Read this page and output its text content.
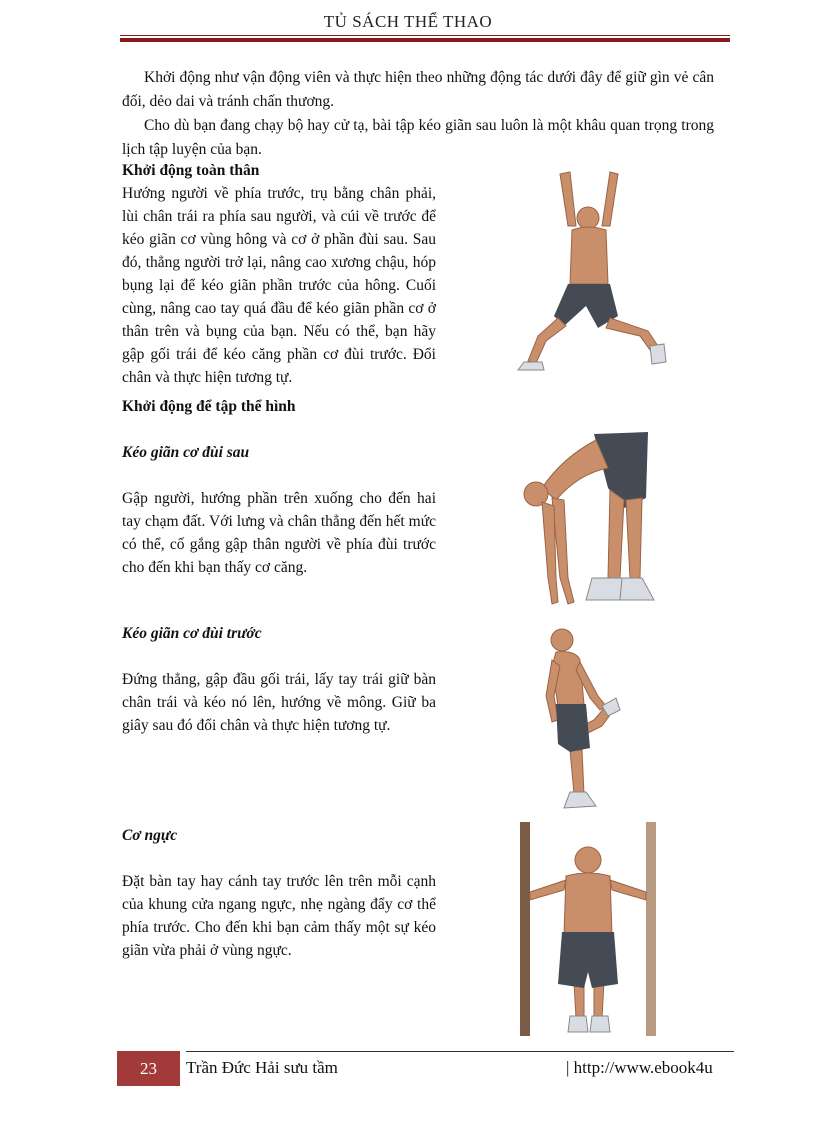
TỦ SÁCH THỂ THAO

Khởi động như vận động viên và thực hiện theo những động tác dưới đây để giữ gìn vẻ cân đối, dẻo dai và tránh chấn thương.

Cho dù bạn đang chạy bộ hay cử tạ, bài tập kéo giãn sau luôn là một khâu quan trọng trong lịch tập luyện của bạn.

Khởi động toàn thân

Hướng người về phía trước, trụ bằng chân phải, lùi chân trái ra phía sau người, và cúi về trước để kéo giãn cơ vùng hông và cơ ở phần đùi sau. Sau đó, thẳng người trở lại, nâng cao xương chậu, hóp bụng lại để kéo giãn phần trước của hông. Cuối cùng, nâng cao tay quá đầu để kéo giãn phần cơ ở thân trên và bụng của bạn. Nếu có thể, bạn hãy gập gối trái để kéo căng phần cơ đùi trước. Đổi chân và thực hiện tương tự.

Khởi động để tập thể hình

Kéo giãn cơ đùi sau

Gập người, hướng phần trên xuống cho đến hai tay chạm đất. Với lưng và chân thẳng đến hết mức có thể, cố gắng gập thân người về phía đùi trước cho đến khi bạn thấy cơ căng.

Kéo giãn cơ đùi trước

Đứng thẳng, gập đầu gối trái, lấy tay trái giữ bàn chân trái và kéo nó lên, hướng về mông. Giữ ba giây sau đó đổi chân và thực hiện tương tự.

Cơ ngực

Đặt bàn tay hay cánh tay trước lên trên mỗi cạnh của khung cửa ngang ngực, nhẹ ngàng đẩy cơ thể phía trước. Cho đến khi bạn cảm thấy một sự kéo giãn vừa phải ở vùng ngực.

23	Trần Đức Hải sưu tầm	| http://www.ebook4u
